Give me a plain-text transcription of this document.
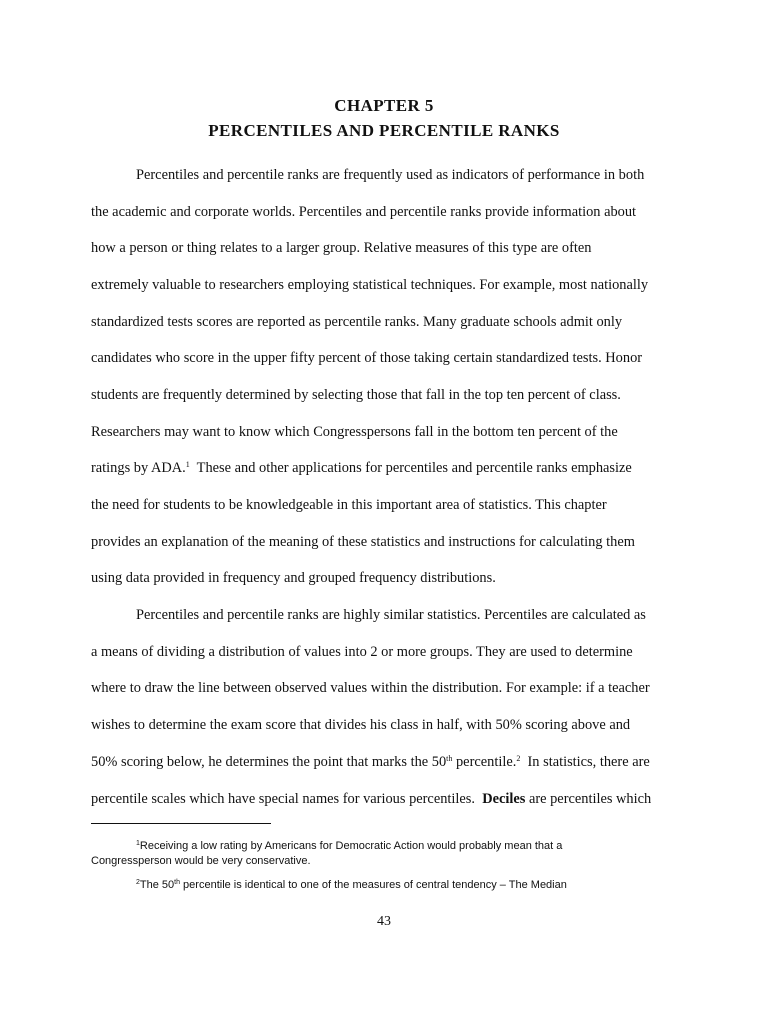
CHAPTER 5
PERCENTILES AND PERCENTILE RANKS
Percentiles and percentile ranks are frequently used as indicators of performance in both
the academic and corporate worlds. Percentiles and percentile ranks provide information about
how a person or thing relates to a larger group. Relative measures of this type are often
extremely valuable to researchers employing statistical techniques. For example, most nationally
standardized tests scores are reported as percentile ranks. Many graduate schools admit only
candidates who score in the upper fifty percent of those taking certain standardized tests. Honor
students are frequently determined by selecting those that fall in the top ten percent of class.
Researchers may want to know which Congresspersons fall in the bottom ten percent of the
ratings by ADA.$^1$  These and other applications for percentiles and percentile ranks emphasize
the need for students to be knowledgeable in this important area of statistics. This chapter
provides an explanation of the meaning of these statistics and instructions for calculating them
using data provided in frequency and grouped frequency distributions.
Percentiles and percentile ranks are highly similar statistics. Percentiles are calculated as
a means of dividing a distribution of values into 2 or more groups. They are used to determine
where to draw the line between observed values within the distribution. For example: if a teacher
wishes to determine the exam score that divides his class in half, with 50% scoring above and
50% scoring below, he determines the point that marks the 50th percentile.$^2$  In statistics, there are
percentile scales which have special names for various percentiles.  Deciles are percentiles which
$^1$Receiving a low rating by Americans for Democratic Action would probably mean that a
Congressperson would be very conservative.
$^2$The 50th percentile is identical to one of the measures of central tendency – The Median
43
